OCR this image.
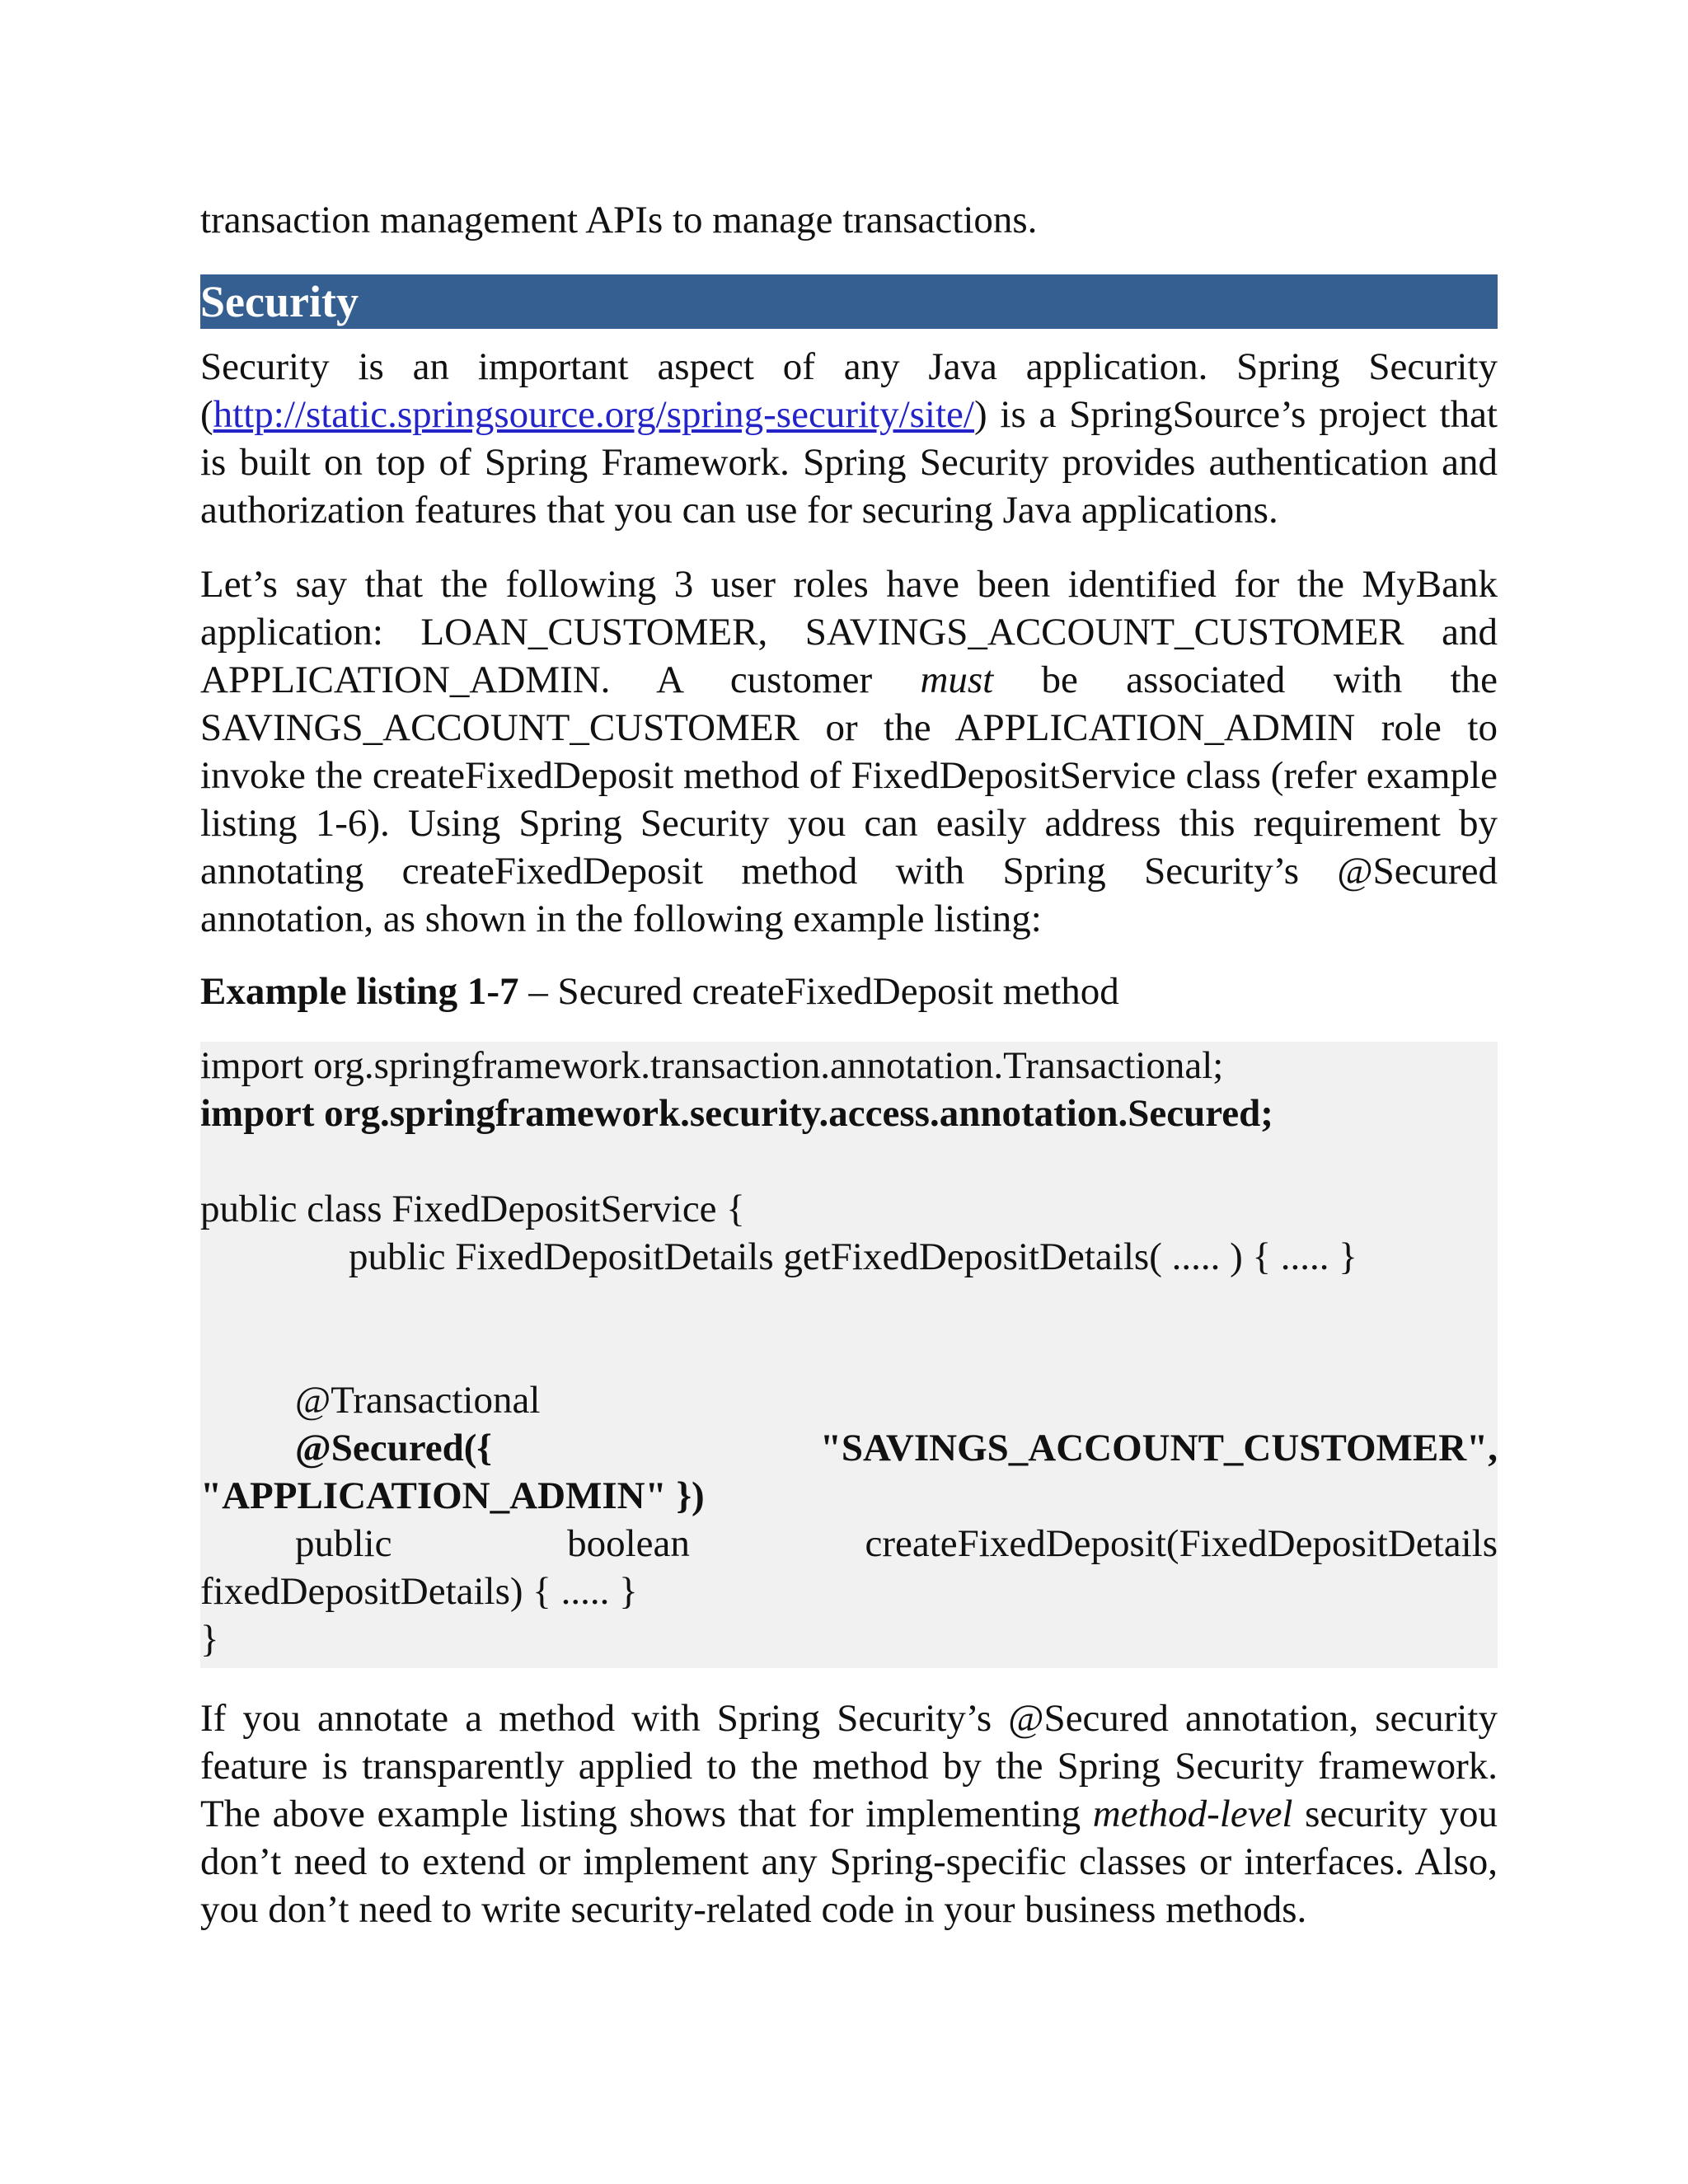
transaction management APIs to manage transactions.

Security

Security is an important aspect of any Java application. Spring Security (http://static.springsource.org/spring-security/site/) is a SpringSource’s project that is built on top of Spring Framework. Spring Security provides authentication and authorization features that you can use for securing Java applications.

Let’s say that the following 3 user roles have been identified for the MyBank application: LOAN_CUSTOMER, SAVINGS_ACCOUNT_CUSTOMER and APPLICATION_ADMIN. A customer must be associated with the SAVINGS_ACCOUNT_CUSTOMER or the APPLICATION_ADMIN role to invoke the createFixedDeposit method of FixedDepositService class (refer example listing 1-6). Using Spring Security you can easily address this requirement by annotating createFixedDeposit method with Spring Security’s @Secured annotation, as shown in the following example listing:

Example listing 1-7 – Secured createFixedDeposit method

import org.springframework.transaction.annotation.Transactional;
import org.springframework.security.access.annotation.Secured;
public class FixedDepositService {
public FixedDepositDetails getFixedDepositDetails( ..... ) { ..... }
@Transactional
@Secured({	"SAVINGS_ACCOUNT_CUSTOMER",
"APPLICATION_ADMIN" })
public	boolean	createFixedDeposit(FixedDepositDetails
fixedDepositDetails) { ..... }
}

If you annotate a method with Spring Security’s @Secured annotation, security feature is transparently applied to the method by the Spring Security framework. The above example listing shows that for implementing method-level security you don’t need to extend or implement any Spring-specific classes or interfaces. Also, you don’t need to write security-related code in your business methods.
